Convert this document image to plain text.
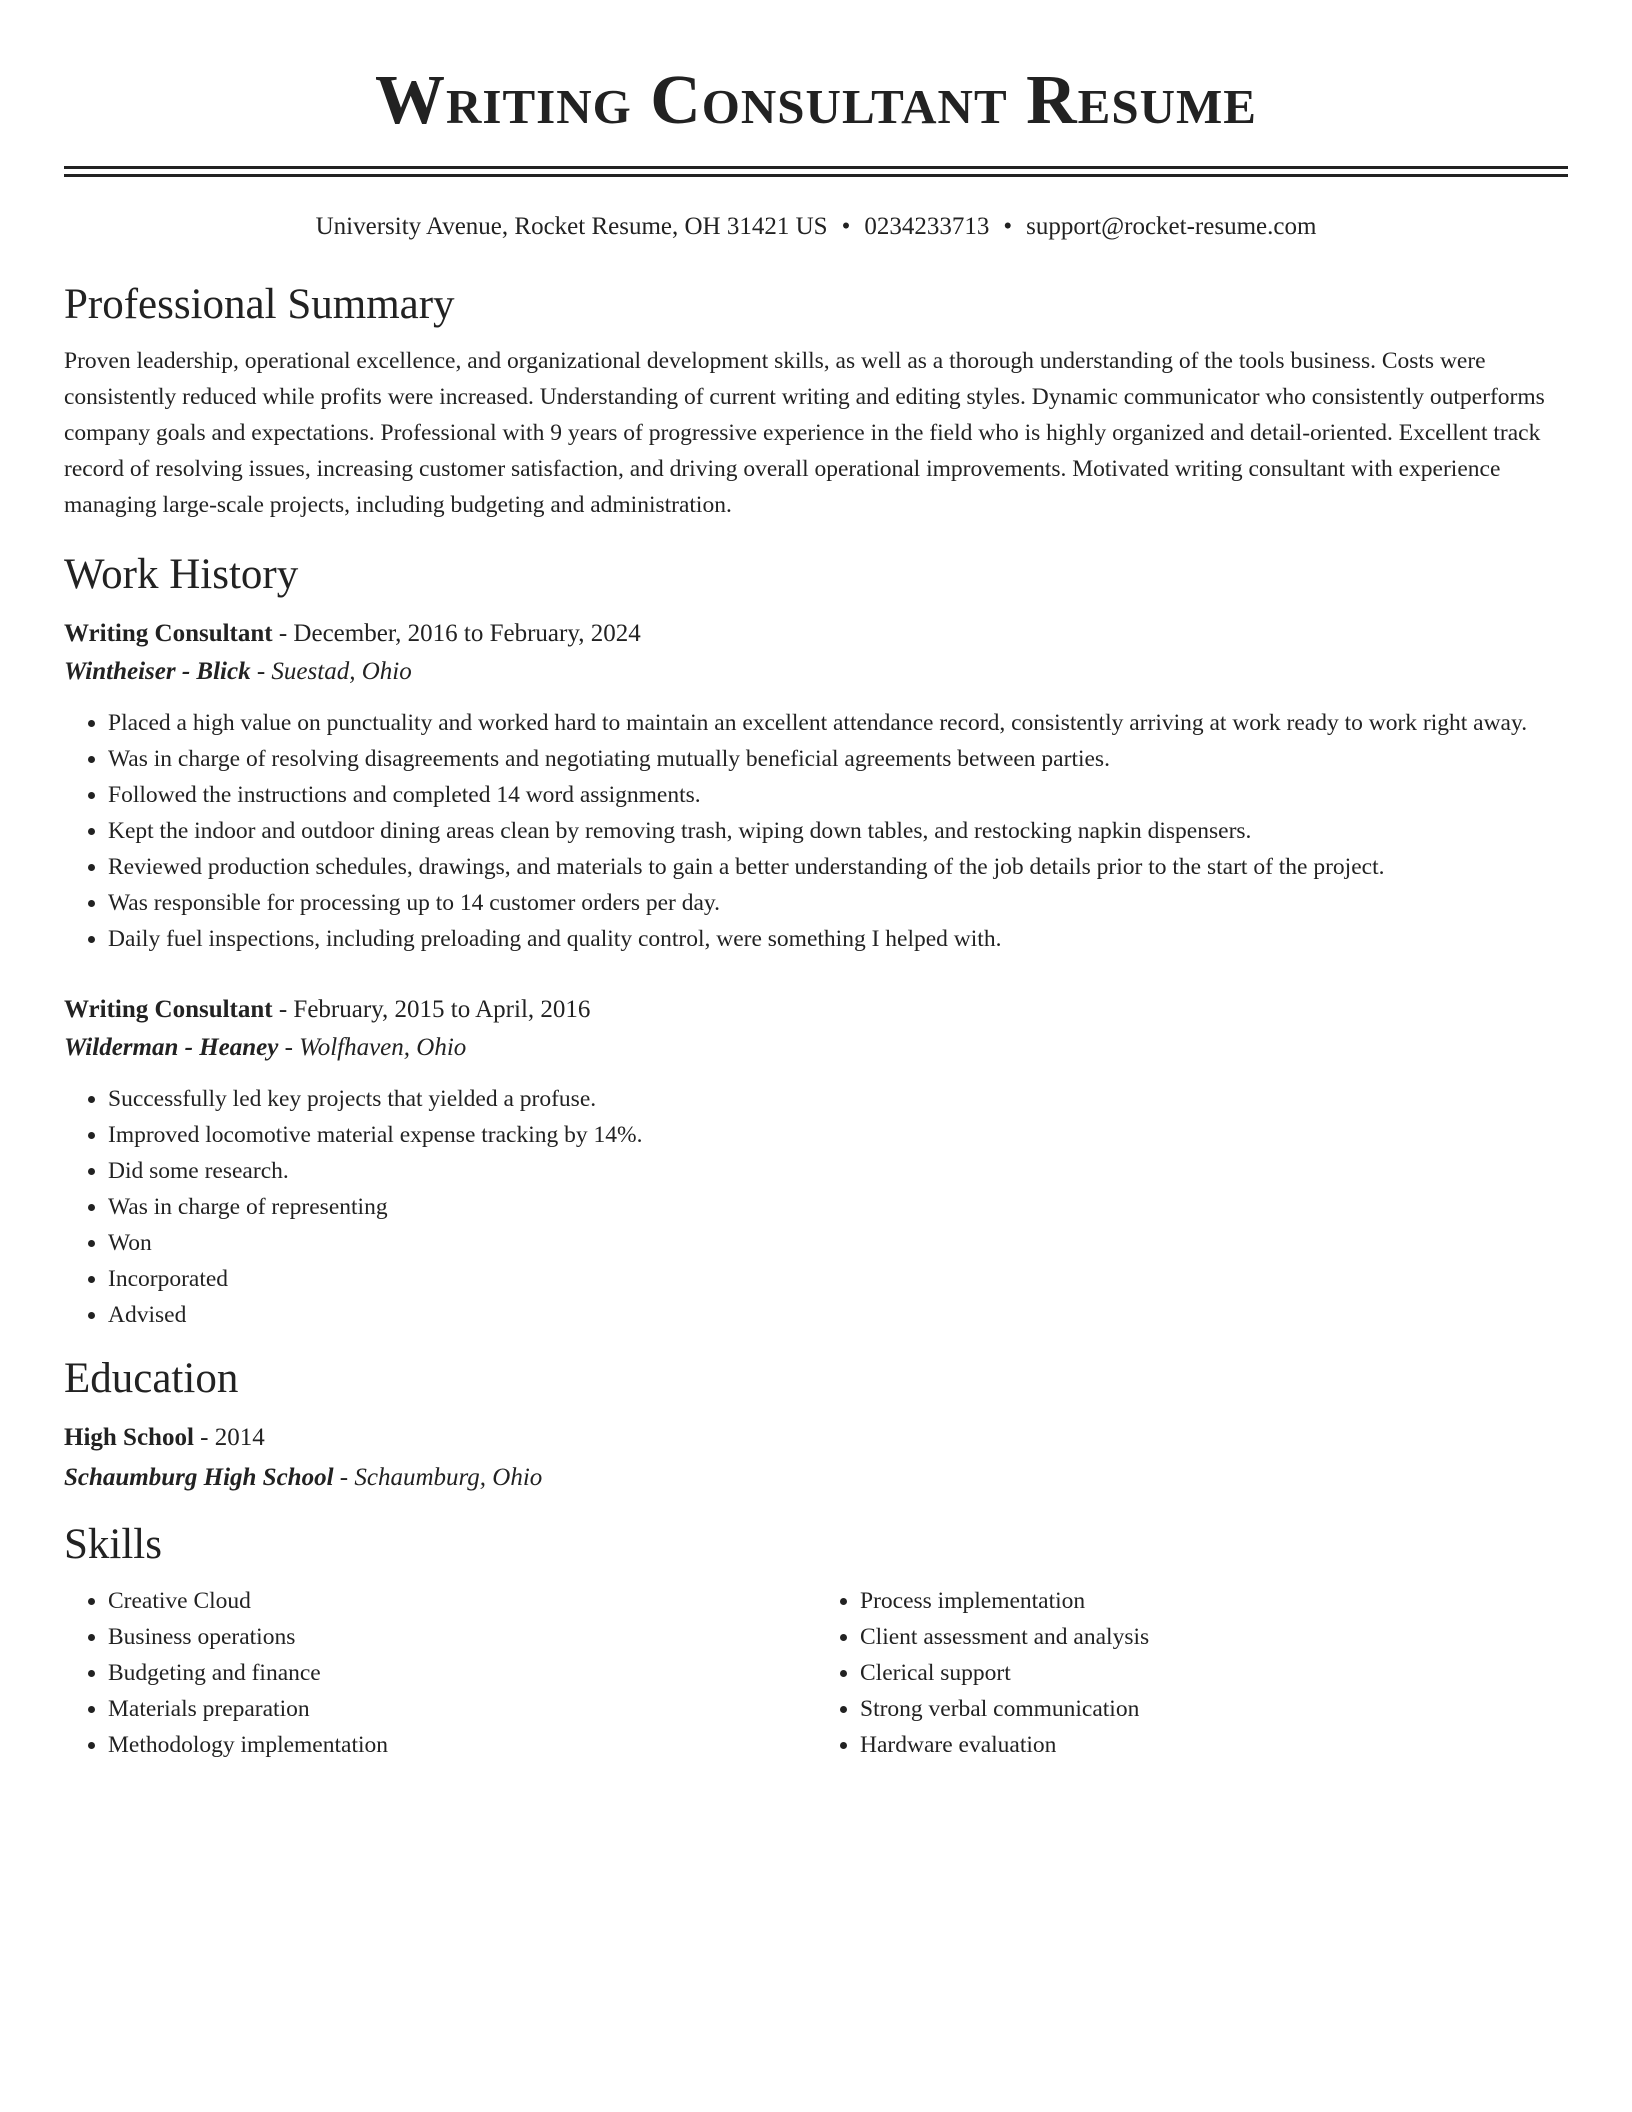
Writing Consultant Resume
University Avenue, Rocket Resume, OH 31421 US • 0234233713 • support@rocket-resume.com
Professional Summary

Proven leadership, operational excellence, and organizational development skills, as well as a thorough understanding of the tools business. Costs were consistently reduced while profits were increased. Understanding of current writing and editing styles. Dynamic communicator who consistently outperforms company goals and expectations. Professional with 9 years of progressive experience in the field who is highly organized and detail-oriented. Excellent track record of resolving issues, increasing customer satisfaction, and driving overall operational improvements. Motivated writing consultant with experience managing large-scale projects, including budgeting and administration.

Work History
Writing Consultant - December, 2016 to February, 2024
Wintheiser - Blick - Suestad, Ohio
• Placed a high value on punctuality and worked hard to maintain an excellent attendance record, consistently arriving at work ready to work right away.
• Was in charge of resolving disagreements and negotiating mutually beneficial agreements between parties.
• Followed the instructions and completed 14 word assignments.
• Kept the indoor and outdoor dining areas clean by removing trash, wiping down tables, and restocking napkin dispensers.
• Reviewed production schedules, drawings, and materials to gain a better understanding of the job details prior to the start of the project.
• Was responsible for processing up to 14 customer orders per day.
• Daily fuel inspections, including preloading and quality control, were something I helped with.
Writing Consultant - February, 2015 to April, 2016
Wilderman - Heaney - Wolfhaven, Ohio
• Successfully led key projects that yielded a profuse.
• Improved locomotive material expense tracking by 14%.
• Did some research.
• Was in charge of representing
• Won
• Incorporated
• Advised
Education
High School - 2014
Schaumburg High School - Schaumburg, Ohio
Skills
• Creative Cloud
• Business operations
• Budgeting and finance
• Materials preparation
• Methodology implementation
• Process implementation
• Client assessment and analysis
• Clerical support
• Strong verbal communication
• Hardware evaluation
